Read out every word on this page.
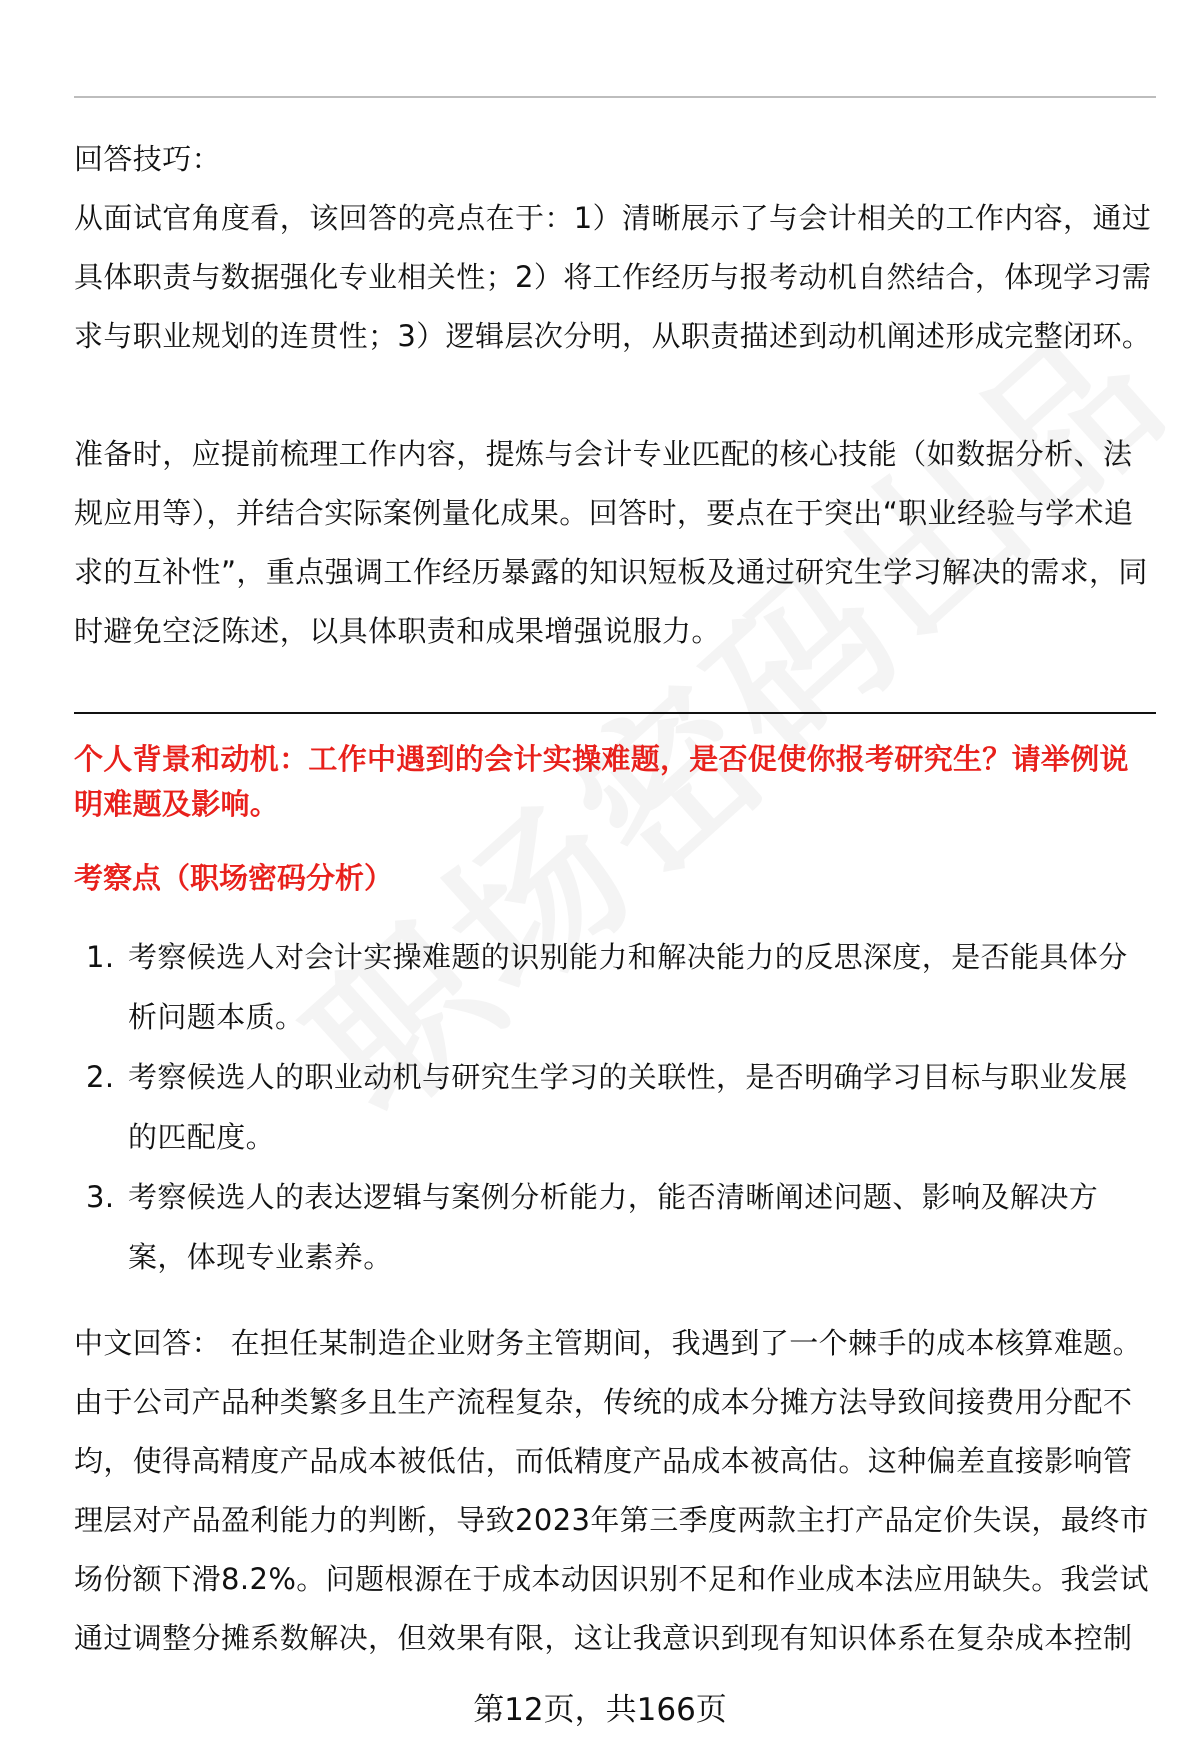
回答技巧：
从面试官角度看，该回答的亮点在于：1）清晰展示了与会计相关的工作内容，通过具体职责与数据强化专业相关性；2）将工作经历与报考动机自然结合，体现学习需求与职业规划的连贯性；3）逻辑层次分明，从职责描述到动机阐述形成完整闭环。
准备时，应提前梳理工作内容，提炼与会计专业匹配的核心技能（如数据分析、法规应用等），并结合实际案例量化成果。回答时，要点在于突出“职业经验与学术追求的互补性”，重点强调工作经历暴露的知识短板及通过研究生学习解决的需求，同时避免空泛陈述，以具体职责和成果增强说服力。
个人背景和动机：工作中遇到的会计实操难题，是否促使你报考研究生？请举例说明难题及影响。
考察点（职场密码分析）
1. 考察候选人对会计实操难题的识别能力和解决能力的反思深度，是否能具体分析问题本质。
2. 考察候选人的职业动机与研究生学习的关联性，是否明确学习目标与职业发展的匹配度。
3. 考察候选人的表达逻辑与案例分析能力，能否清晰阐述问题、影响及解决方案，体现专业素养。
中文回答： 在担任某制造企业财务主管期间，我遇到了一个棘手的成本核算难题。由于公司产品种类繁多且生产流程复杂，传统的成本分摊方法导致间接费用分配不均，使得高精度产品成本被低估，而低精度产品成本被高估。这种偏差直接影响管理层对产品盈利能力的判断，导致2023年第三季度两款主打产品定价失误，最终市场份额下滑8.2%。问题根源在于成本动因识别不足和作业成本法应用缺失。我尝试通过调整分摊系数解决，但效果有限，这让我意识到现有知识体系在复杂成本控制
第12页，共166页
